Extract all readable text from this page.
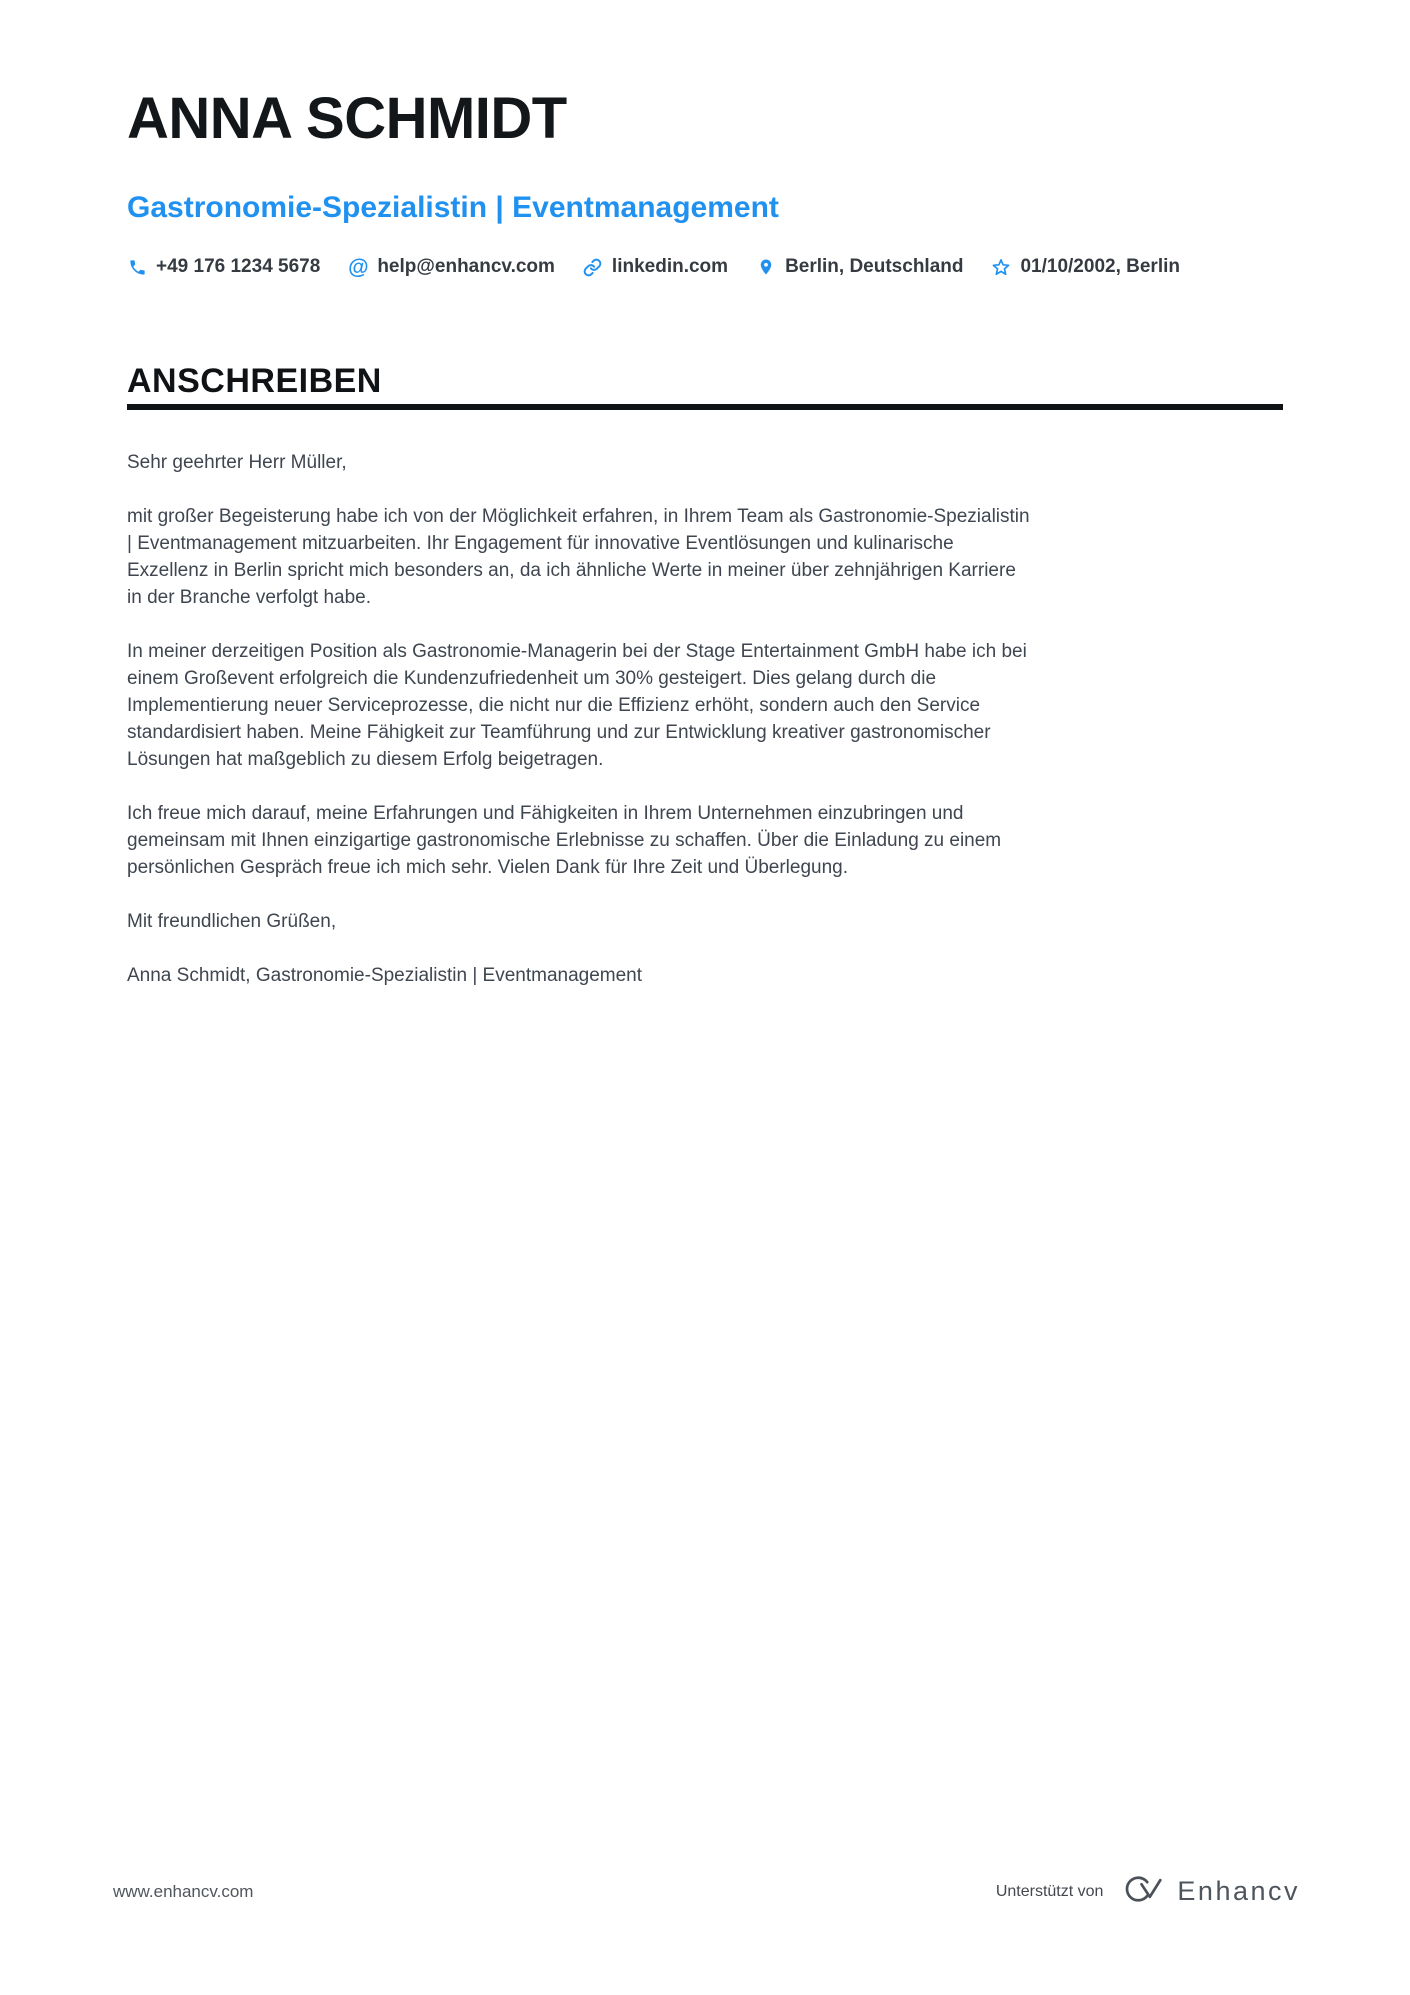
ANNA SCHMIDT
Gastronomie-Spezialistin | Eventmanagement
+49 176 1234 5678 @ help@enhancv.com	linkedin.com	Berlin, Deutschland	01/10/2002, Berlin
ANSCHREIBEN

Sehr geehrter Herr Müller,

mit großer Begeisterung habe ich von der Möglichkeit erfahren, in Ihrem Team als Gastronomie-Spezialistin | Eventmanagement mitzuarbeiten. Ihr Engagement für innovative Eventlösungen und kulinarische Exzellenz in Berlin spricht mich besonders an, da ich ähnliche Werte in meiner über zehnjährigen Karriere in der Branche verfolgt habe.

In meiner derzeitigen Position als Gastronomie-Managerin bei der Stage Entertainment GmbH habe ich bei einem Großevent erfolgreich die Kundenzufriedenheit um 30% gesteigert. Dies gelang durch die Implementierung neuer Serviceprozesse, die nicht nur die Effizienz erhöht, sondern auch den Service standardisiert haben. Meine Fähigkeit zur Teamführung und zur Entwicklung kreativer gastronomischer Lösungen hat maßgeblich zu diesem Erfolg beigetragen.

Ich freue mich darauf, meine Erfahrungen und Fähigkeiten in Ihrem Unternehmen einzubringen und gemeinsam mit Ihnen einzigartige gastronomische Erlebnisse zu schaffen. Über die Einladung zu einem persönlichen Gespräch freue ich mich sehr. Vielen Dank für Ihre Zeit und Überlegung.

Mit freundlichen Grüßen,

Anna Schmidt, Gastronomie-Spezialistin | Eventmanagement

www.enhancv.com	Unterstützt von	Enhancv
